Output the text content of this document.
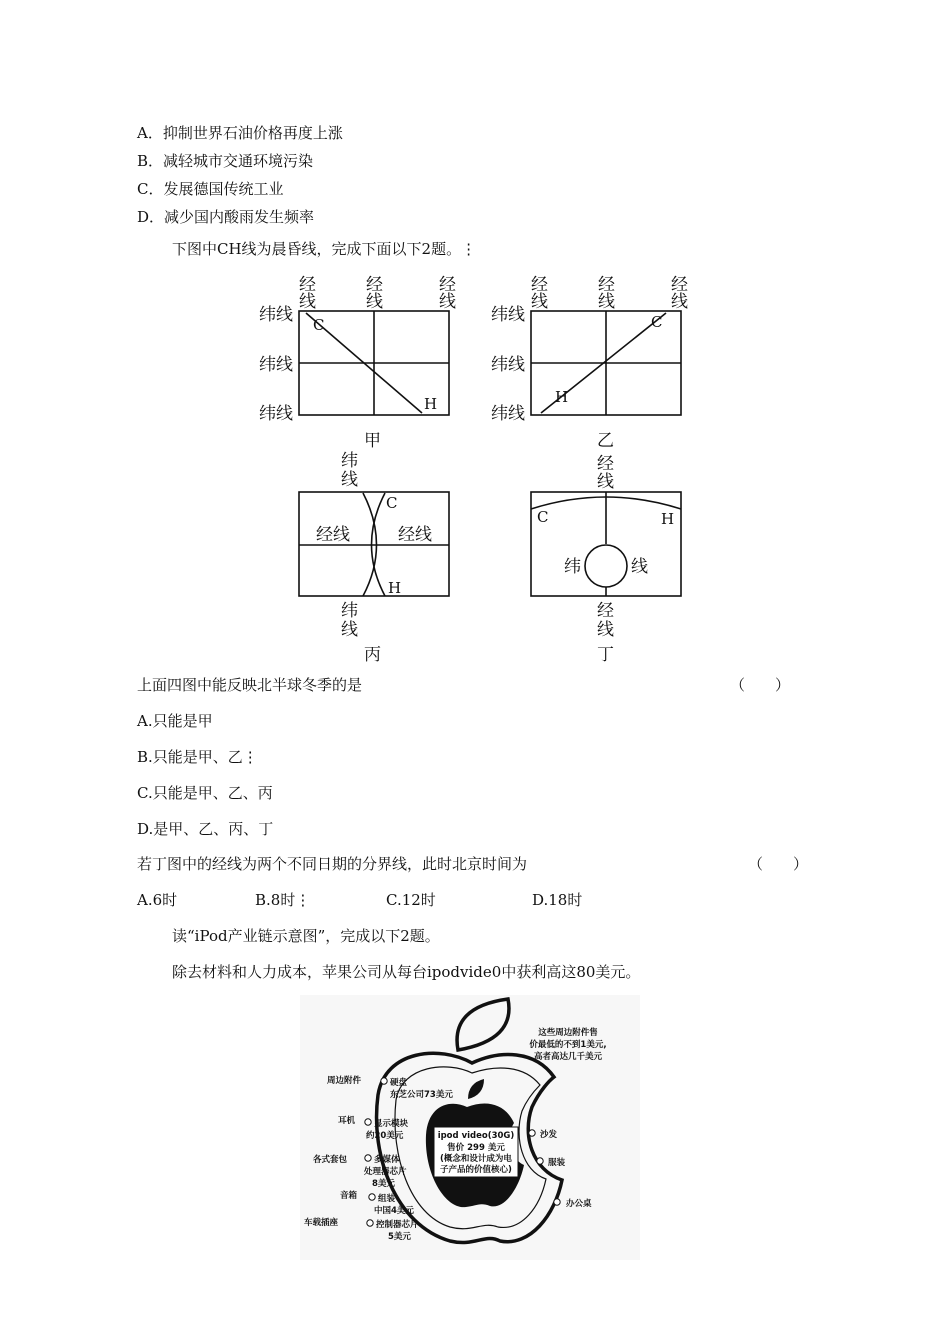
A．抑制世界石油价格再度上涨
B．减轻城市交通环境污染
C．发展德国传统工业
D．减少国内酸雨发生频率
下图中CH线为晨昏线，完成下面以下2题。⋮
经
线
经
线
经
线
纬线
纬线
纬线
C
H
甲
经
线
经
线
经
线
纬线
纬线
纬线
C
H
乙
经
线
纬
线
经线	经线
纬
线
C
H
丙
C	H
纬	线
经
线
丁
上面四图中能反映北半球冬季的是	（　　）
A.只能是甲
B.只能是甲、乙⋮
C.只能是甲、乙、丙
D.是甲、乙、丙、丁
若丁图中的经线为两个不同日期的分界线，此时北京时间为	（　　）
A.6时	B.8时⋮	C.12时	D.18时
读“iPod产业链示意图”，完成以下2题。
除去材料和人力成本，苹果公司从每台ipodvide0中获利高这80美元。
ipod video(30G)
售价 299 美元
(概念和设计成为电
子产品的价值核心)
这些周边附件售
价最低的不到1美元,
高者高达几千美元
周边附件
耳机
各式套包
音箱
车载插座
硬盘
东芝公司73美元
显示模块
约20美元
多媒体
处理器芯片
8美元
组装
中国4美元
控制器芯片
5美元
沙发
服装
办公桌
